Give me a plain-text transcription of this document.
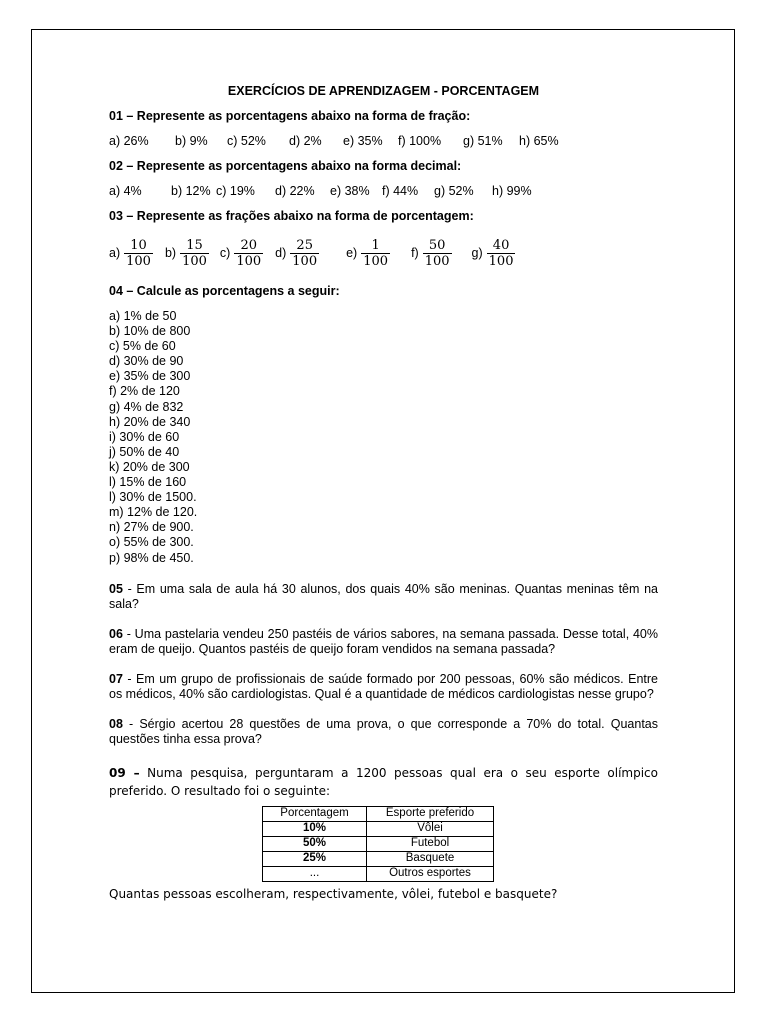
EXERCÍCIOS DE APRENDIZAGEM - PORCENTAGEM
01 – Represente as porcentagens abaixo na forma de fração:
a) 26% b) 9% c) 52% d) 2% e) 35% f) 100% g) 51% h) 65%
02 – Represente as porcentagens abaixo na forma decimal:
a) 4% b) 12% c) 19% d) 22% e) 38% f) 44% g) 52% h) 99%
03 – Represente as frações abaixo na forma de porcentagem:
$a) \frac{10}{100} b) \frac{15}{100} c) \frac{20}{100} d) \frac{25}{100} e) \frac{1}{100} f) \frac{50}{100} g) \frac{40}{100}$
04 – Calcule as porcentagens a seguir:
a) 1% de 50
b) 10% de 800
c) 5% de 60
d) 30% de 90
e) 35% de 300
f) 2% de 120
g) 4% de 832
h) 20% de 340
i) 30% de 60
j) 50% de 40
k) 20% de 300
l) 15% de 160
l) 30% de 1500.
m) 12% de 120.
n) 27% de 900.
o) 55% de 300.
p) 98% de 450.
05 - Em uma sala de aula há 30 alunos, dos quais 40% são meninas. Quantas meninas têm na sala?
06 - Uma pastelaria vendeu 250 pastéis de vários sabores, na semana passada. Desse total, 40% eram de queijo. Quantos pastéis de queijo foram vendidos na semana passada?
07 - Em um grupo de profissionais de saúde formado por 200 pessoas, 60% são médicos. Entre os médicos, 40% são cardiologistas. Qual é a quantidade de médicos cardiologistas nesse grupo?
08 - Sérgio acertou 28 questões de uma prova, o que corresponde a 70% do total. Quantas questões tinha essa prova?
09 – Numa pesquisa, perguntaram a 1200 pessoas qual era o seu esporte olímpico preferido. O resultado foi o seguinte:
Porcentagem	Esporte preferido
10%	Vôlei
50%	Futebol
25%	Basquete
...	Outros esportes
Quantas pessoas escolheram, respectivamente, vôlei, futebol e basquete?
